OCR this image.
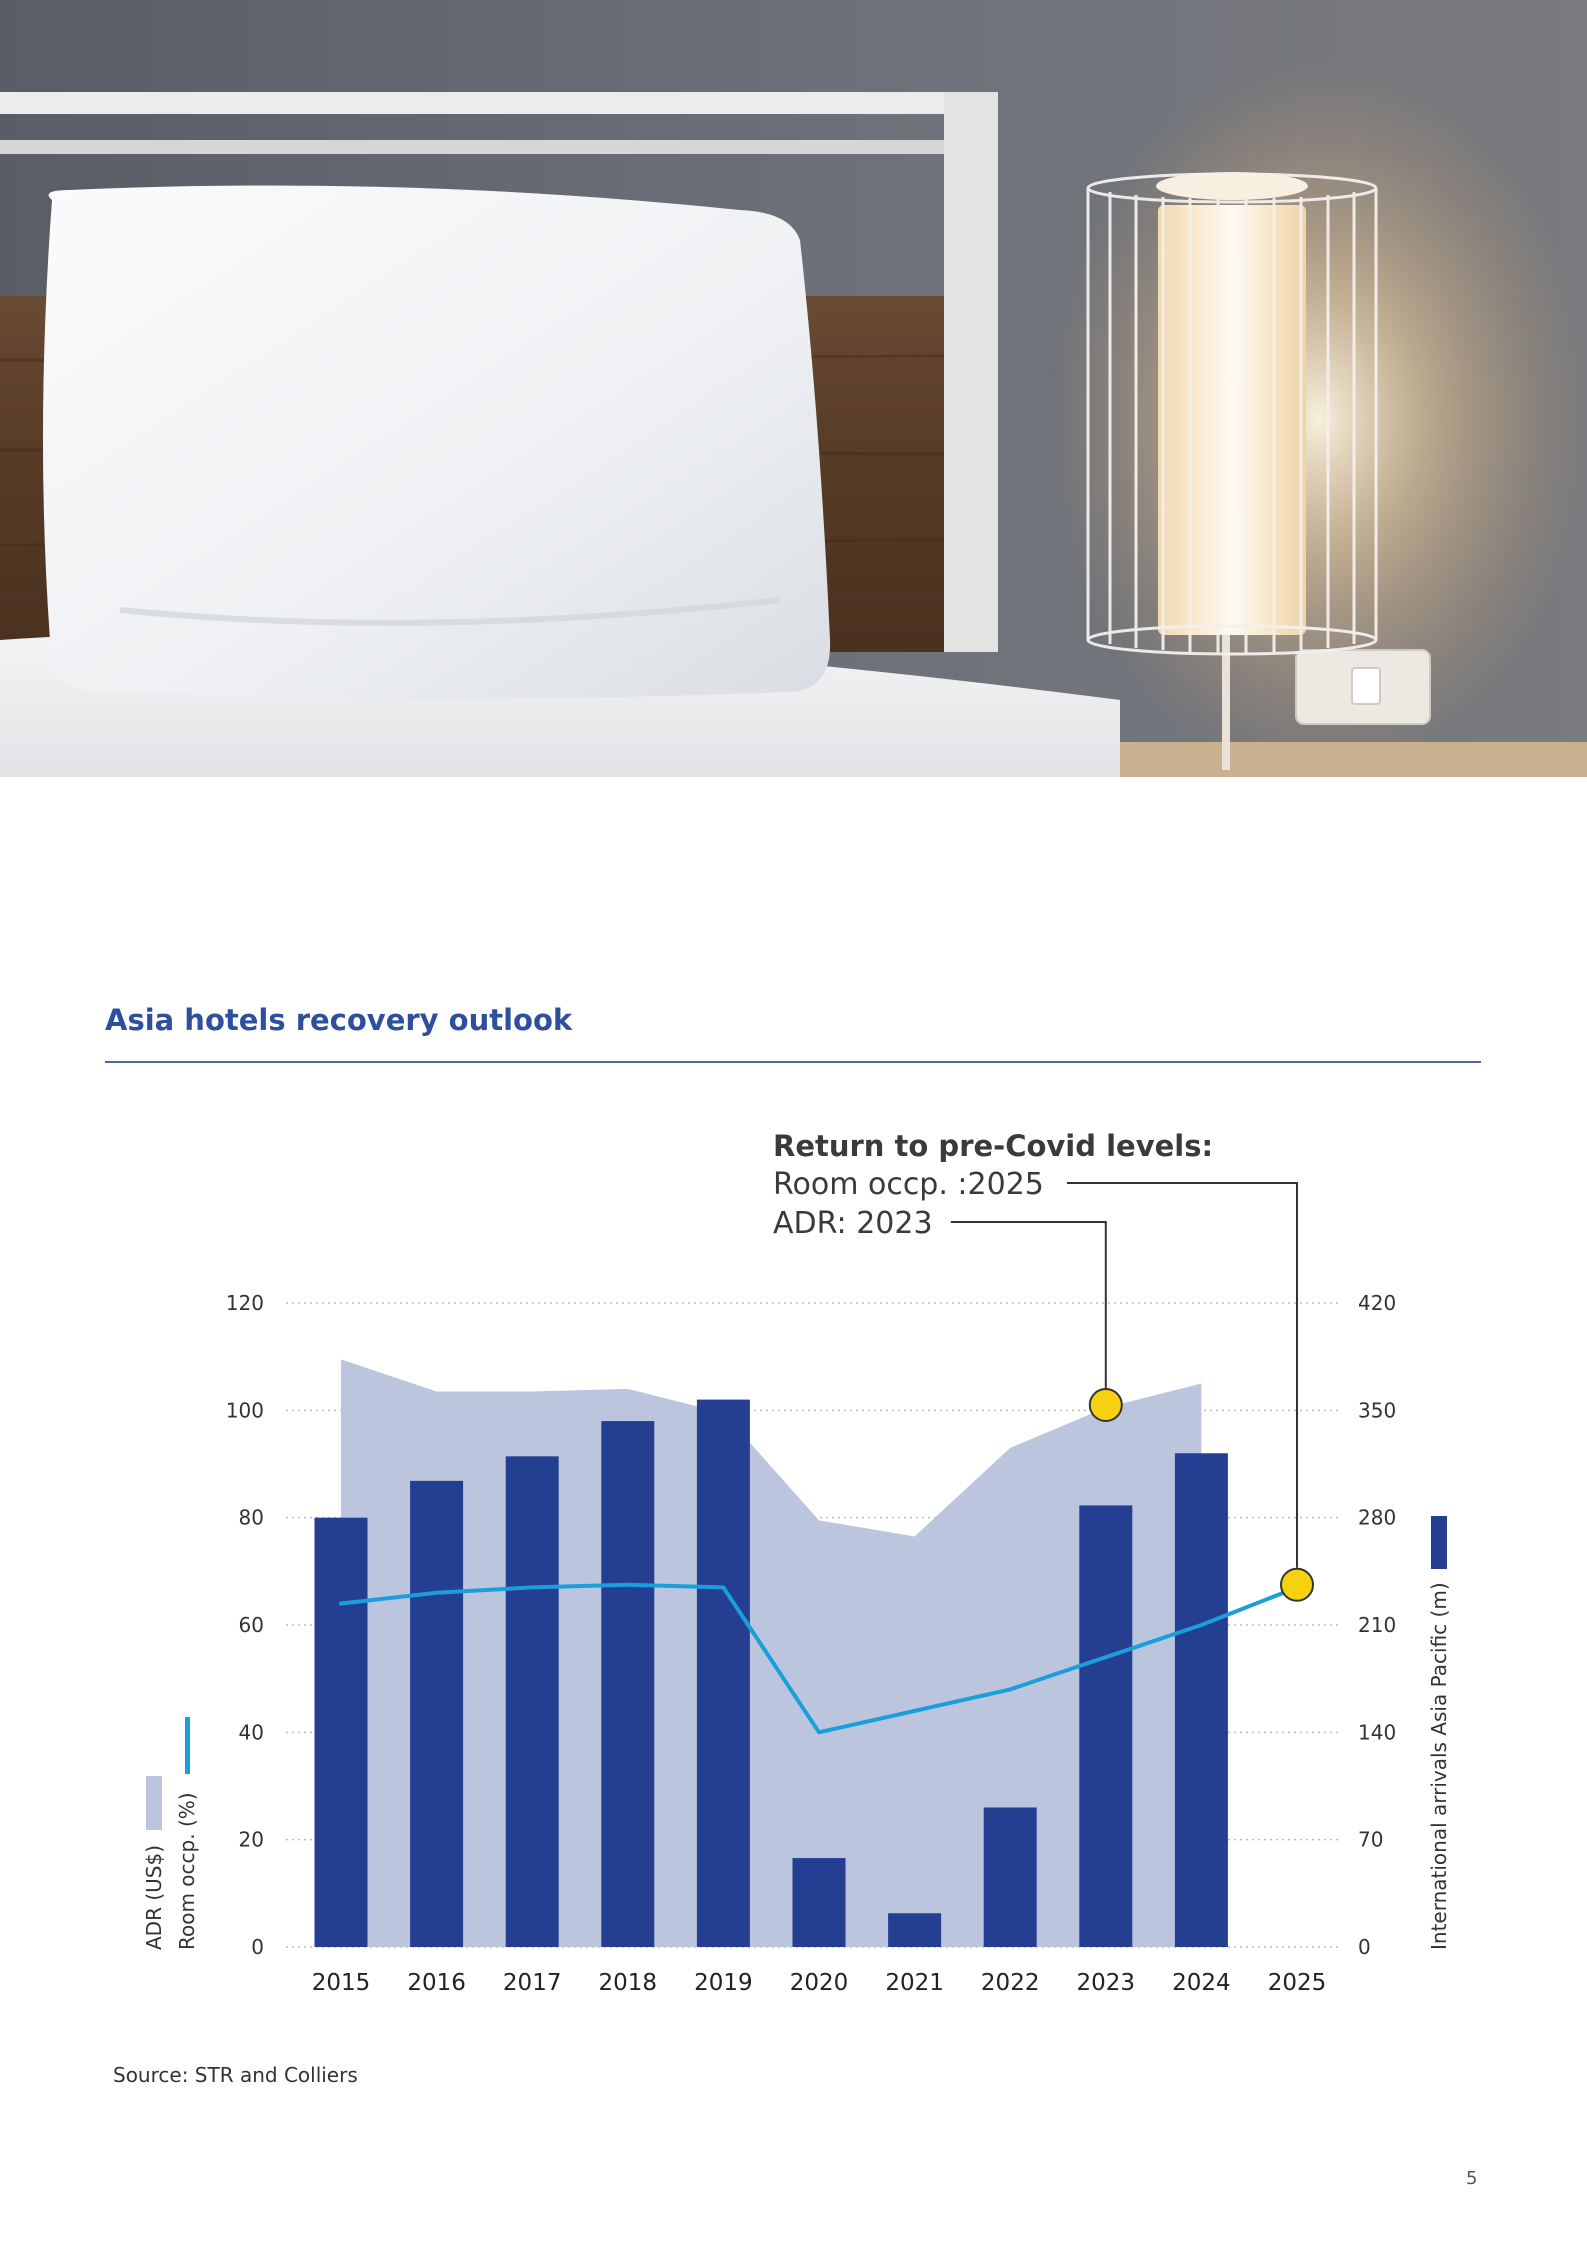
Asia hotels recovery outlook
0
20
40
60
80
100
120
0
70
140
210
280
350
420
2015 2016 2017 2018 2019 2020 2021 2022 2023 2024 2025
Return to pre-Covid levels:
Room occp. :2025
ADR: 2023
ADR (US$) Room occp. (%)	International arrivals Asia Pacific (m)
Source: STR and Colliers
5
